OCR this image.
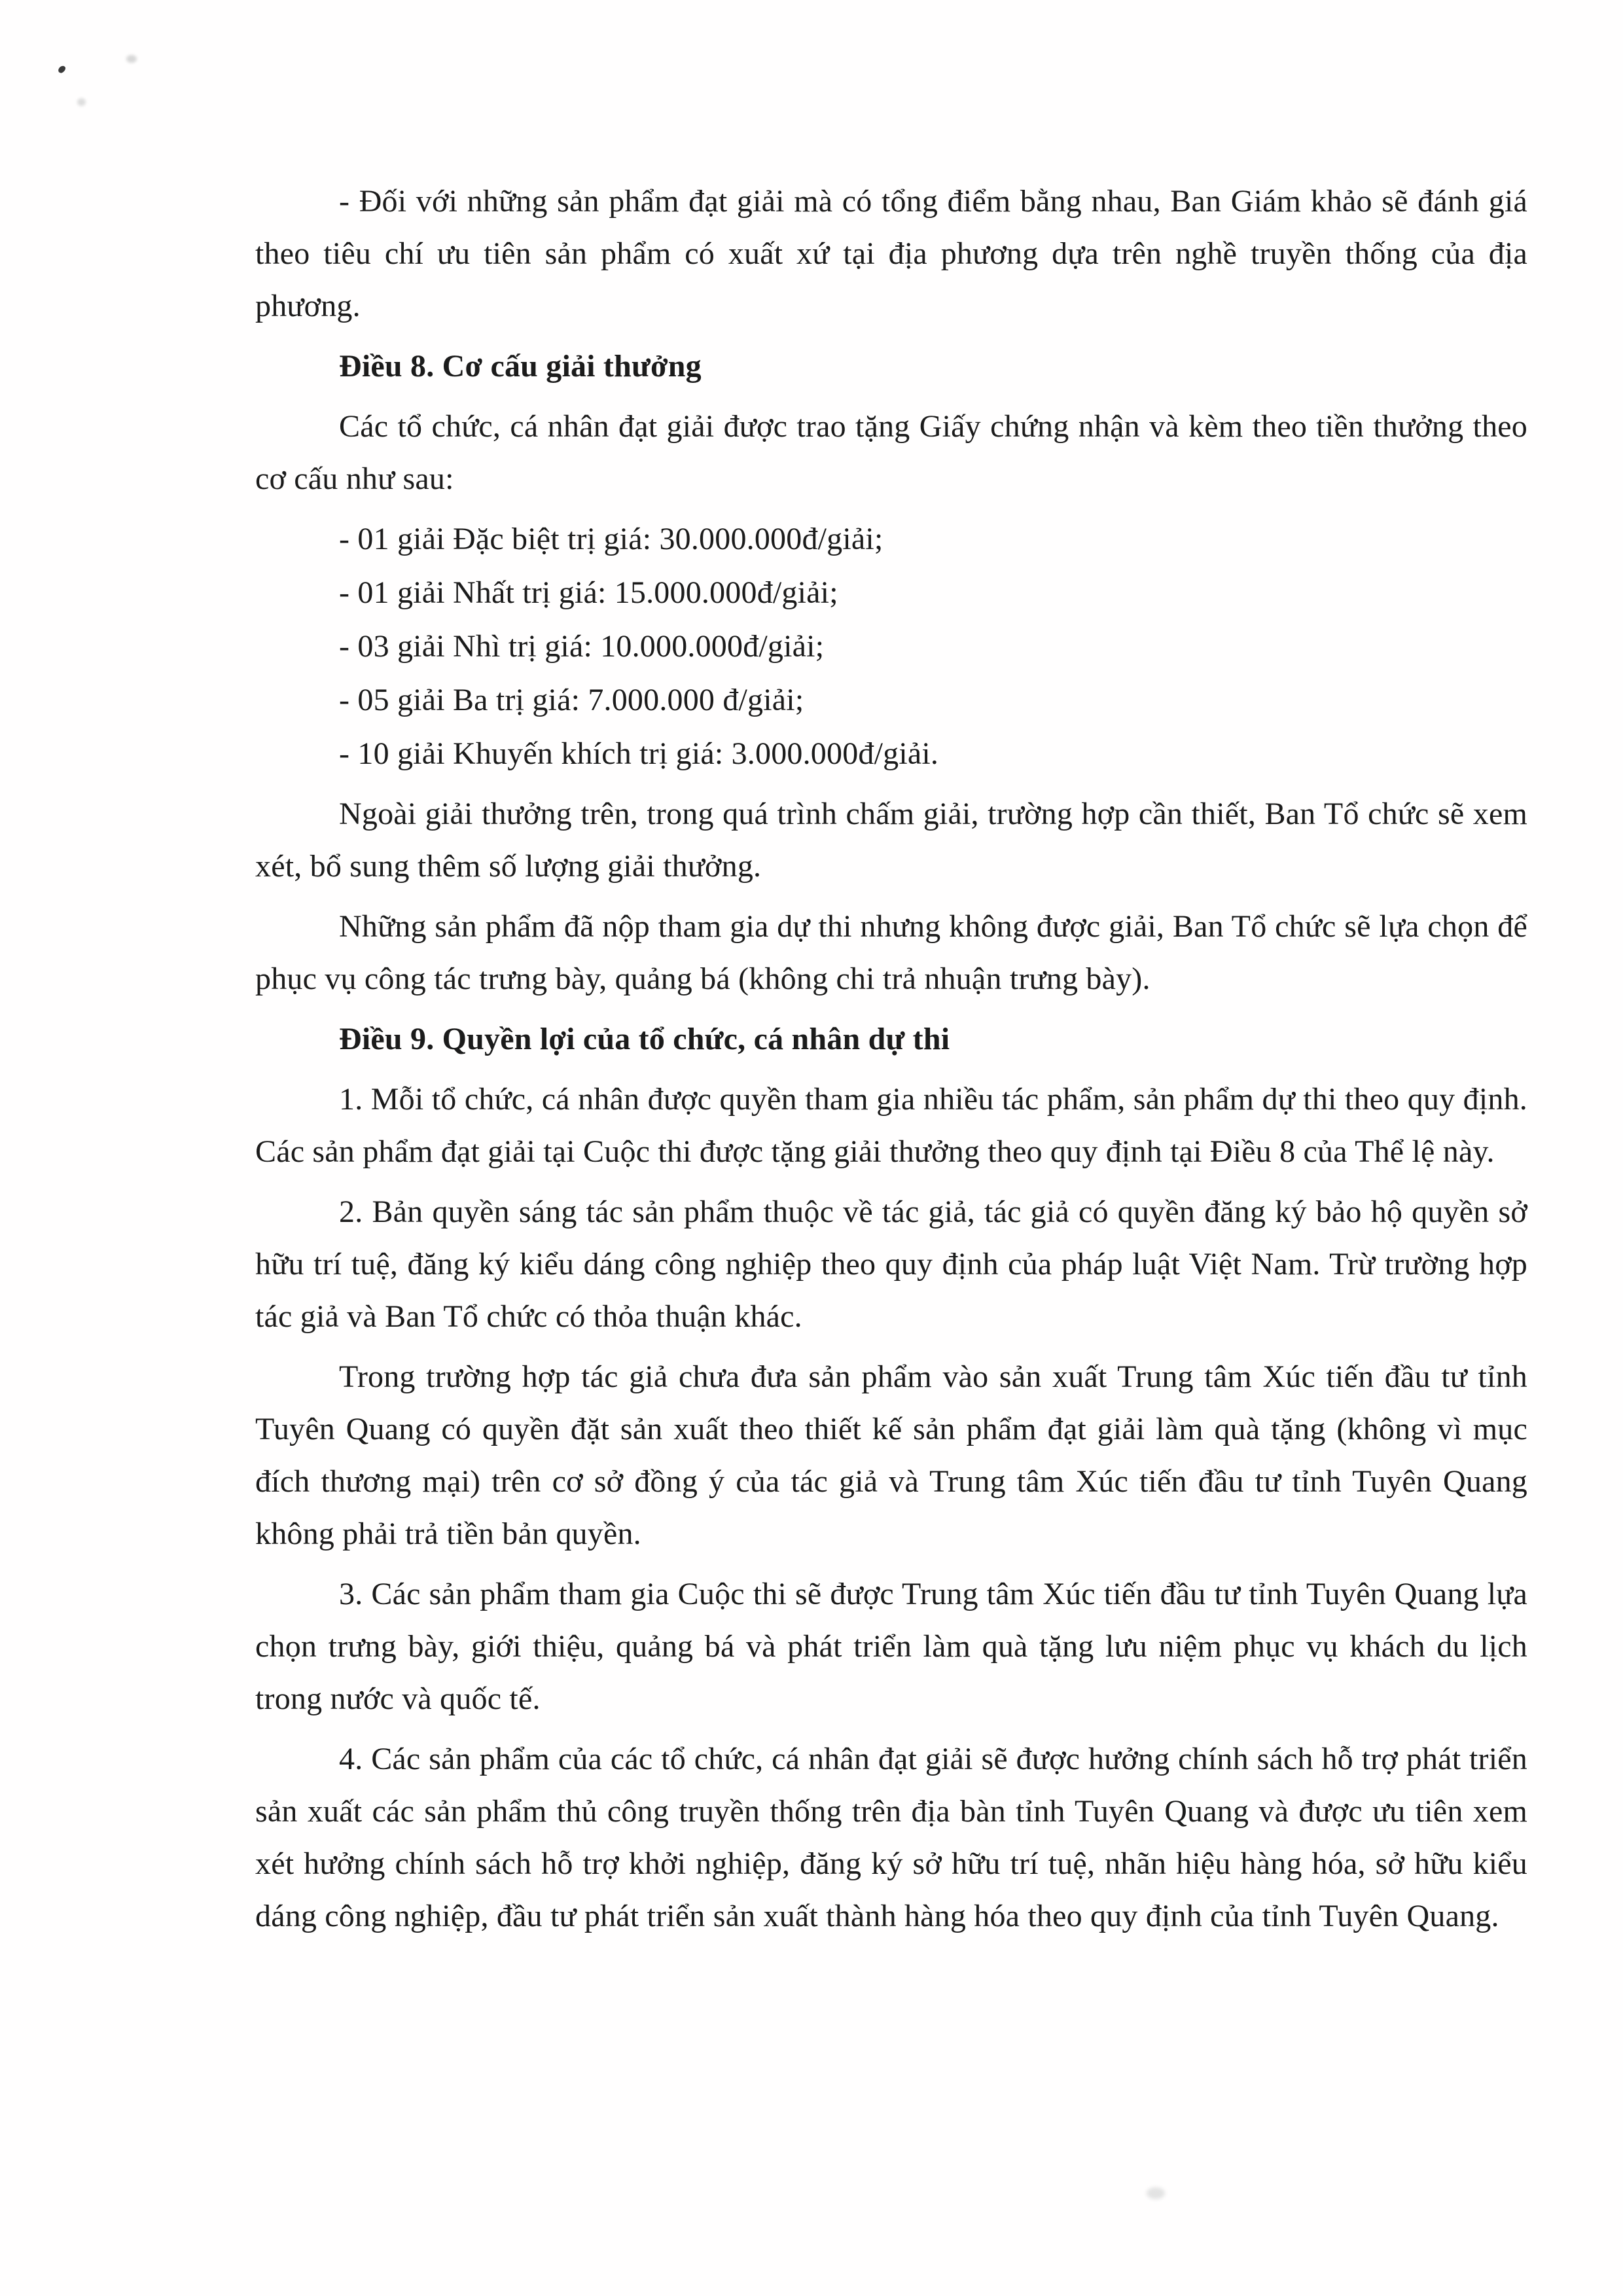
- Đối với những sản phẩm đạt giải mà có tổng điểm bằng nhau, Ban Giám khảo sẽ đánh giá theo tiêu chí ưu tiên sản phẩm có xuất xứ tại địa phương dựa trên nghề truyền thống của địa phương.

Điều 8. Cơ cấu giải thưởng

Các tổ chức, cá nhân đạt giải được trao tặng Giấy chứng nhận và kèm theo tiền thưởng theo cơ cấu như sau:

- 01 giải Đặc biệt trị giá: 30.000.000đ/giải;

- 01 giải Nhất trị giá: 15.000.000đ/giải;

- 03 giải Nhì trị giá: 10.000.000đ/giải;

- 05 giải Ba trị giá: 7.000.000 đ/giải;

- 10 giải Khuyến khích trị giá: 3.000.000đ/giải.

Ngoài giải thưởng trên, trong quá trình chấm giải, trường hợp cần thiết, Ban Tổ chức sẽ xem xét, bổ sung thêm số lượng giải thưởng.

Những sản phẩm đã nộp tham gia dự thi nhưng không được giải, Ban Tổ chức sẽ lựa chọn để phục vụ công tác trưng bày, quảng bá (không chi trả nhuận trưng bày).

Điều 9. Quyền lợi của tổ chức, cá nhân dự thi

1. Mỗi tổ chức, cá nhân được quyền tham gia nhiều tác phẩm, sản phẩm dự thi theo quy định. Các sản phẩm đạt giải tại Cuộc thi được tặng giải thưởng theo quy định tại Điều 8 của Thể lệ này.

2. Bản quyền sáng tác sản phẩm thuộc về tác giả, tác giả có quyền đăng ký bảo hộ quyền sở hữu trí tuệ, đăng ký kiểu dáng công nghiệp theo quy định của pháp luật Việt Nam. Trừ trường hợp tác giả và Ban Tổ chức có thỏa thuận khác.

Trong trường hợp tác giả chưa đưa sản phẩm vào sản xuất Trung tâm Xúc tiến đầu tư tỉnh Tuyên Quang có quyền đặt sản xuất theo thiết kế sản phẩm đạt giải làm quà tặng (không vì mục đích thương mại) trên cơ sở đồng ý của tác giả và Trung tâm Xúc tiến đầu tư tỉnh Tuyên Quang không phải trả tiền bản quyền.

3. Các sản phẩm tham gia Cuộc thi sẽ được Trung tâm Xúc tiến đầu tư tỉnh Tuyên Quang lựa chọn trưng bày, giới thiệu, quảng bá và phát triển làm quà tặng lưu niệm phục vụ khách du lịch trong nước và quốc tế.

4. Các sản phẩm của các tổ chức, cá nhân đạt giải sẽ được hưởng chính sách hỗ trợ phát triển sản xuất các sản phẩm thủ công truyền thống trên địa bàn tỉnh Tuyên Quang và được ưu tiên xem xét hưởng chính sách hỗ trợ khởi nghiệp, đăng ký sở hữu trí tuệ, nhãn hiệu hàng hóa, sở hữu kiểu dáng công nghiệp, đầu tư phát triển sản xuất thành hàng hóa theo quy định của tỉnh Tuyên Quang.
